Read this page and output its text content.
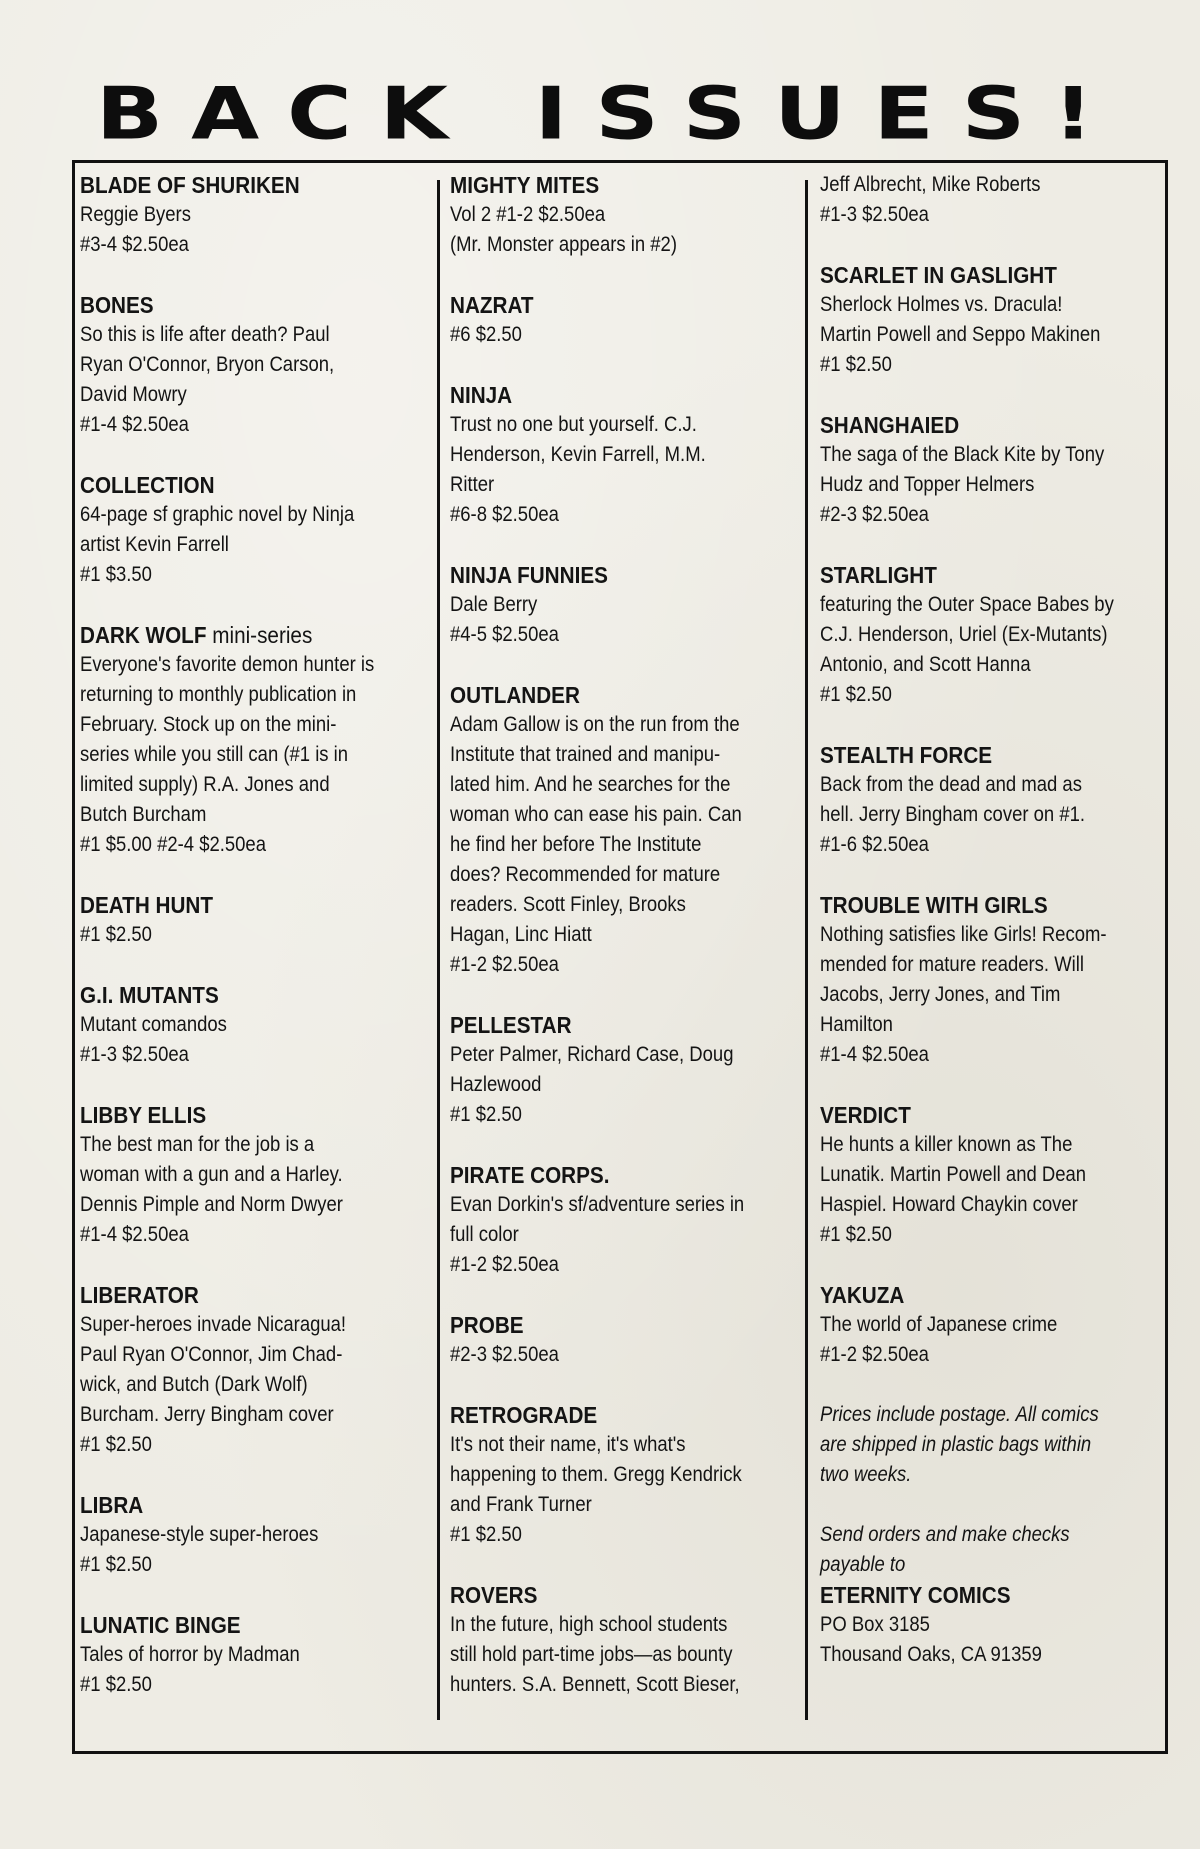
BACK ISSUES!
BLADE OF SHURIKEN
Reggie Byers
#3-4 $2.50ea
BONES
So this is life after death? Paul
Ryan O'Connor, Bryon Carson,
David Mowry
#1-4 $2.50ea
COLLECTION
64-page sf graphic novel by Ninja
artist Kevin Farrell
#1 $3.50
DARK WOLF mini-series
Everyone's favorite demon hunter is
returning to monthly publication in
February. Stock up on the mini-
series while you still can (#1 is in
limited supply) R.A. Jones and
Butch Burcham
#1 $5.00 #2-4 $2.50ea
DEATH HUNT
#1 $2.50
G.I. MUTANTS
Mutant comandos
#1-3 $2.50ea
LIBBY ELLIS
The best man for the job is a
woman with a gun and a Harley.
Dennis Pimple and Norm Dwyer
#1-4 $2.50ea
LIBERATOR
Super-heroes invade Nicaragua!
Paul Ryan O'Connor, Jim Chad-
wick, and Butch (Dark Wolf)
Burcham. Jerry Bingham cover
#1 $2.50
LIBRA
Japanese-style super-heroes
#1 $2.50
LUNATIC BINGE
Tales of horror by Madman
#1 $2.50
MIGHTY MITES
Vol 2 #1-2 $2.50ea
(Mr. Monster appears in #2)
NAZRAT
#6 $2.50
NINJA
Trust no one but yourself. C.J.
Henderson, Kevin Farrell, M.M.
Ritter
#6-8 $2.50ea
NINJA FUNNIES
Dale Berry
#4-5 $2.50ea
OUTLANDER
Adam Gallow is on the run from the
Institute that trained and manipu-
lated him. And he searches for the
woman who can ease his pain. Can
he find her before The Institute
does? Recommended for mature
readers. Scott Finley, Brooks
Hagan, Linc Hiatt
#1-2 $2.50ea
PELLESTAR
Peter Palmer, Richard Case, Doug
Hazlewood
#1 $2.50
PIRATE CORPS.
Evan Dorkin's sf/adventure series in
full color
#1-2 $2.50ea
PROBE
#2-3 $2.50ea
RETROGRADE
It's not their name, it's what's
happening to them. Gregg Kendrick
and Frank Turner
#1 $2.50
ROVERS
In the future, high school students
still hold part-time jobs—as bounty
hunters. S.A. Bennett, Scott Bieser,
Jeff Albrecht, Mike Roberts
#1-3 $2.50ea
SCARLET IN GASLIGHT
Sherlock Holmes vs. Dracula!
Martin Powell and Seppo Makinen
#1 $2.50
SHANGHAIED
The saga of the Black Kite by Tony
Hudz and Topper Helmers
#2-3 $2.50ea
STARLIGHT
featuring the Outer Space Babes by
C.J. Henderson, Uriel (Ex-Mutants)
Antonio, and Scott Hanna
#1 $2.50
STEALTH FORCE
Back from the dead and mad as
hell. Jerry Bingham cover on #1.
#1-6 $2.50ea
TROUBLE WITH GIRLS
Nothing satisfies like Girls! Recom-
mended for mature readers. Will
Jacobs, Jerry Jones, and Tim
Hamilton
#1-4 $2.50ea
VERDICT
He hunts a killer known as The
Lunatik. Martin Powell and Dean
Haspiel. Howard Chaykin cover
#1 $2.50
YAKUZA
The world of Japanese crime
#1-2 $2.50ea
Prices include postage. All comics
are shipped in plastic bags within
two weeks.
Send orders and make checks
payable to
ETERNITY COMICS
PO Box 3185
Thousand Oaks, CA 91359
